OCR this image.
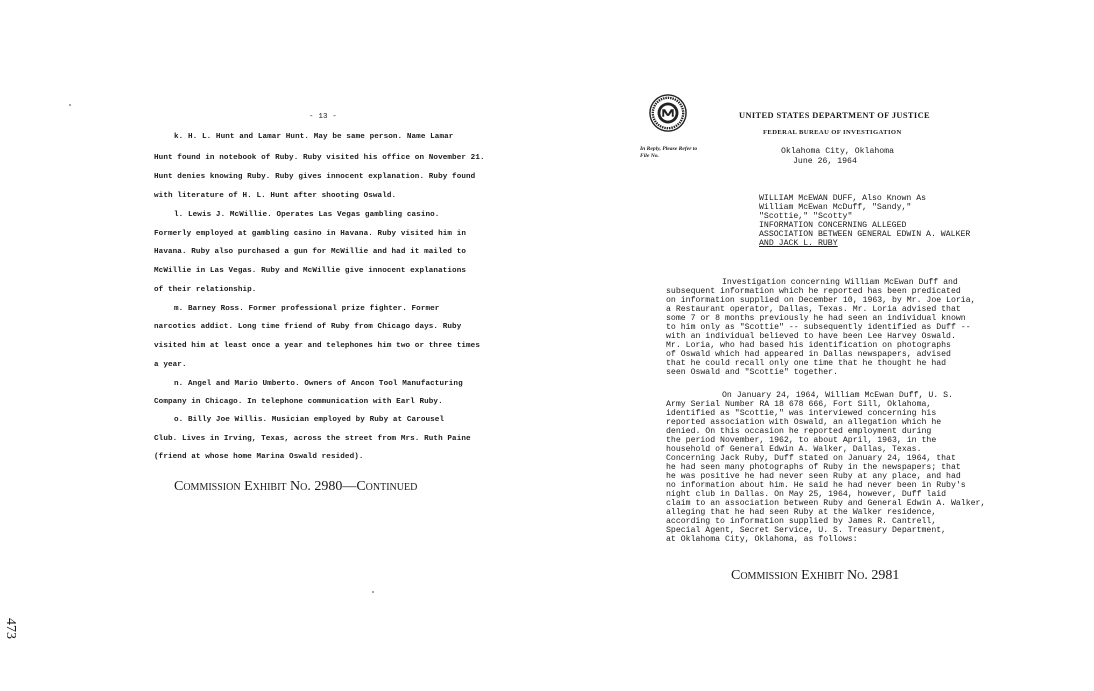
- 13 -
k. H. L. Hunt and Lamar Hunt. May be same person. Name Lamar
Hunt found in notebook of Ruby. Ruby visited his office on November 21.
Hunt denies knowing Ruby. Ruby gives innocent explanation. Ruby found
with literature of H. L. Hunt after shooting Oswald.
l. Lewis J. McWillie. Operates Las Vegas gambling casino.
Formerly employed at gambling casino in Havana. Ruby visited him in
Havana. Ruby also purchased a gun for McWillie and had it mailed to
McWillie in Las Vegas. Ruby and McWillie give innocent explanations
of their relationship.
m. Barney Ross. Former professional prize fighter. Former
narcotics addict. Long time friend of Ruby from Chicago days. Ruby
visited him at least once a year and telephones him two or three times
a year.
n. Angel and Mario Umberto. Owners of Ancon Tool Manufacturing
Company in Chicago. In telephone communication with Earl Ruby.
o. Billy Joe Willis. Musician employed by Ruby at Carousel
Club. Lives in Irving, Texas, across the street from Mrs. Ruth Paine
(friend at whose home Marina Oswald resided).
Commission Exhibit No. 2980—Continued
473
UNITED STATES DEPARTMENT OF JUSTICE
FEDERAL BUREAU OF INVESTIGATION
In Reply, Please Refer to
File No.	Oklahoma City, Oklahoma
June 26, 1964
WILLIAM McEWAN DUFF, Also Known As
William McEwan McDuff, "Sandy,"
"Scottie," "Scotty"
INFORMATION CONCERNING ALLEGED
ASSOCIATION BETWEEN GENERAL EDWIN A. WALKER
AND JACK L. RUBY
Investigation concerning William McEwan Duff and
subsequent information which he reported has been predicated
on information supplied on December 10, 1963, by Mr. Joe Loria,
a Restaurant operator, Dallas, Texas. Mr. Loria advised that
some 7 or 8 months previously he had seen an individual known
to him only as "Scottie" -- subsequently identified as Duff --
with an individual believed to have been Lee Harvey Oswald.
Mr. Loria, who had based his identification on photographs
of Oswald which had appeared in Dallas newspapers, advised
that he could recall only one time that he thought he had
seen Oswald and "Scottie" together.
On January 24, 1964, William McEwan Duff, U. S.
Army Serial Number RA 18 678 666, Fort Sill, Oklahoma,
identified as "Scottie," was interviewed concerning his
reported association with Oswald, an allegation which he
denied. On this occasion he reported employment during
the period November, 1962, to about April, 1963, in the
household of General Edwin A. Walker, Dallas, Texas.
Concerning Jack Ruby, Duff stated on January 24, 1964, that
he had seen many photographs of Ruby in the newspapers; that
he was positive he had never seen Ruby at any place, and had
no information about him. He said he had never been in Ruby's
night club in Dallas. On May 25, 1964, however, Duff laid
claim to an association between Ruby and General Edwin A. Walker,
alleging that he had seen Ruby at the Walker residence,
according to information supplied by James R. Cantrell,
Special Agent, Secret Service, U. S. Treasury Department,
at Oklahoma City, Oklahoma, as follows:
Commission Exhibit No. 2981
